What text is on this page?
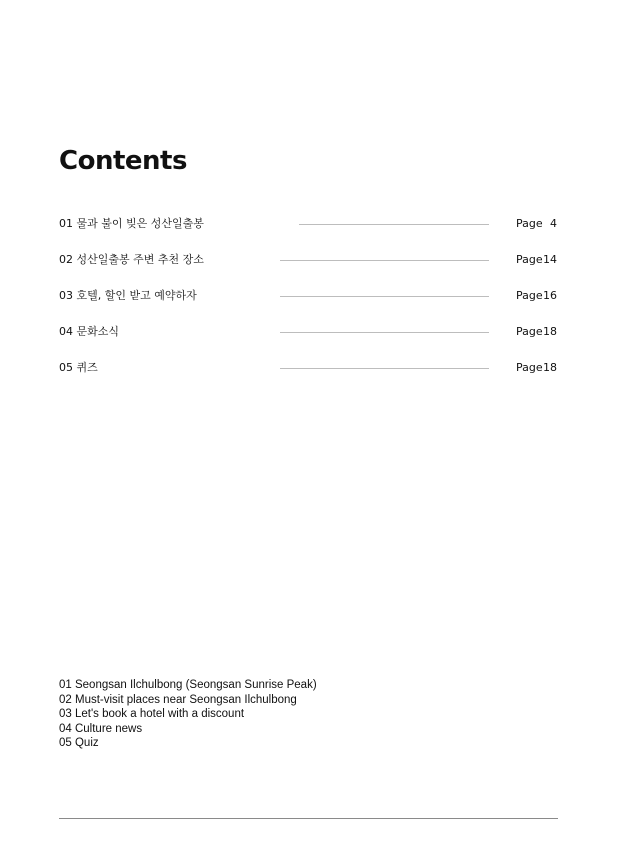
Contents
01 물과 불이 빚은 성산일출봉	Page 4
02 성산일출봉 주변 추천 장소	Page 14
03 호텔, 할인 받고 예약하자	Page 16
04 문화소식	Page 18
05 퀴즈	Page 18
01 Seongsan Ilchulbong (Seongsan Sunrise Peak)
02 Must-visit places near Seongsan Ilchulbong
03 Let's book a hotel with a discount
04 Culture news
05 Quiz
